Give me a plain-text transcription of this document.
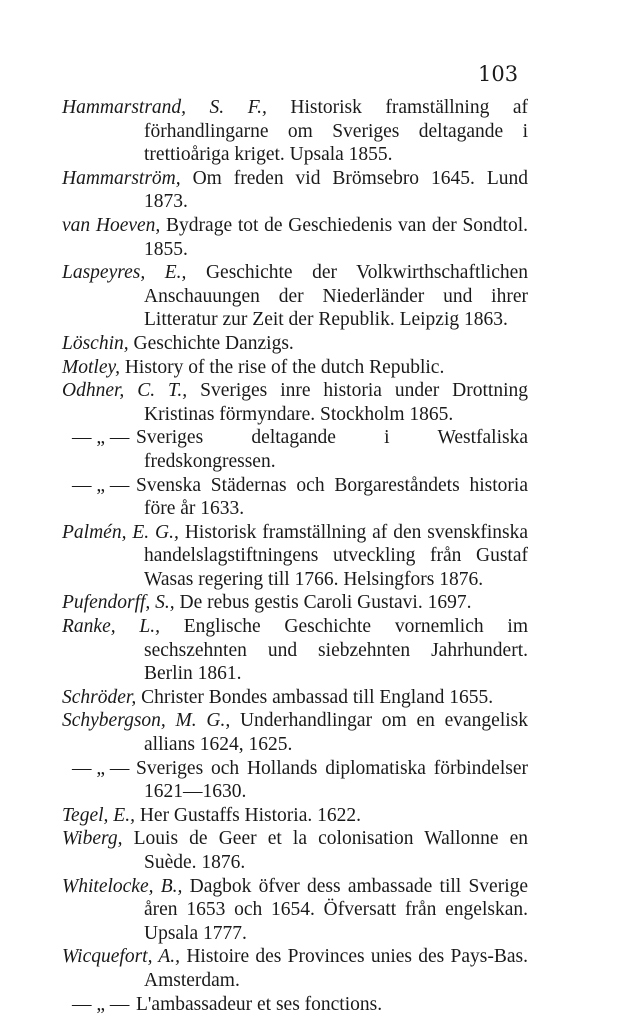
103
Hammarstrand, S. F., Historisk framställning af förhandlingarne om Sveriges deltagande i trettioåriga kriget. Upsala 1855.
Hammarström, Om freden vid Brömsebro 1645. Lund 1873.
van Hoeven, Bydrage tot de Geschiedenis van der Sondtol. 1855.
Laspeyres, E., Geschichte der Volkwirthschaftlichen Anschauungen der Niederländer und ihrer Litteratur zur Zeit der Republik. Leipzig 1863.
Löschin, Geschichte Danzigs.
Motley, History of the rise of the dutch Republic.
Odhner, C. T., Sveriges inre historia under Drottning Kristinas förmyndare. Stockholm 1865.
— „ — Sveriges deltagande i Westfaliska fredskongressen.
— „ — Svenska Städernas och Borgareståndets historia före år 1633.
Palmén, E. G., Historisk framställning af den svenskfinska handelslagstiftningens utveckling från Gustaf Wasas regering till 1766. Helsingfors 1876.
Pufendorff, S., De rebus gestis Caroli Gustavi. 1697.
Ranke, L., Englische Geschichte vornemlich im sechszehnten und siebzehnten Jahrhundert. Berlin 1861.
Schröder, Christer Bondes ambassad till England 1655.
Schybergson, M. G., Underhandlingar om en evangelisk allians 1624, 1625.
— „ — Sveriges och Hollands diplomatiska förbindelser 1621—1630.
Tegel, E., Her Gustaffs Historia. 1622.
Wiberg, Louis de Geer et la colonisation Wallonne en Suède. 1876.
Whitelocke, B., Dagbok öfver dess ambassade till Sverige åren 1653 och 1654. Öfversatt från engelskan. Upsala 1777.
Wicquefort, A., Histoire des Provinces unies des Pays-Bas. Amsterdam.
— „ — L'ambassadeur et ses fonctions.
